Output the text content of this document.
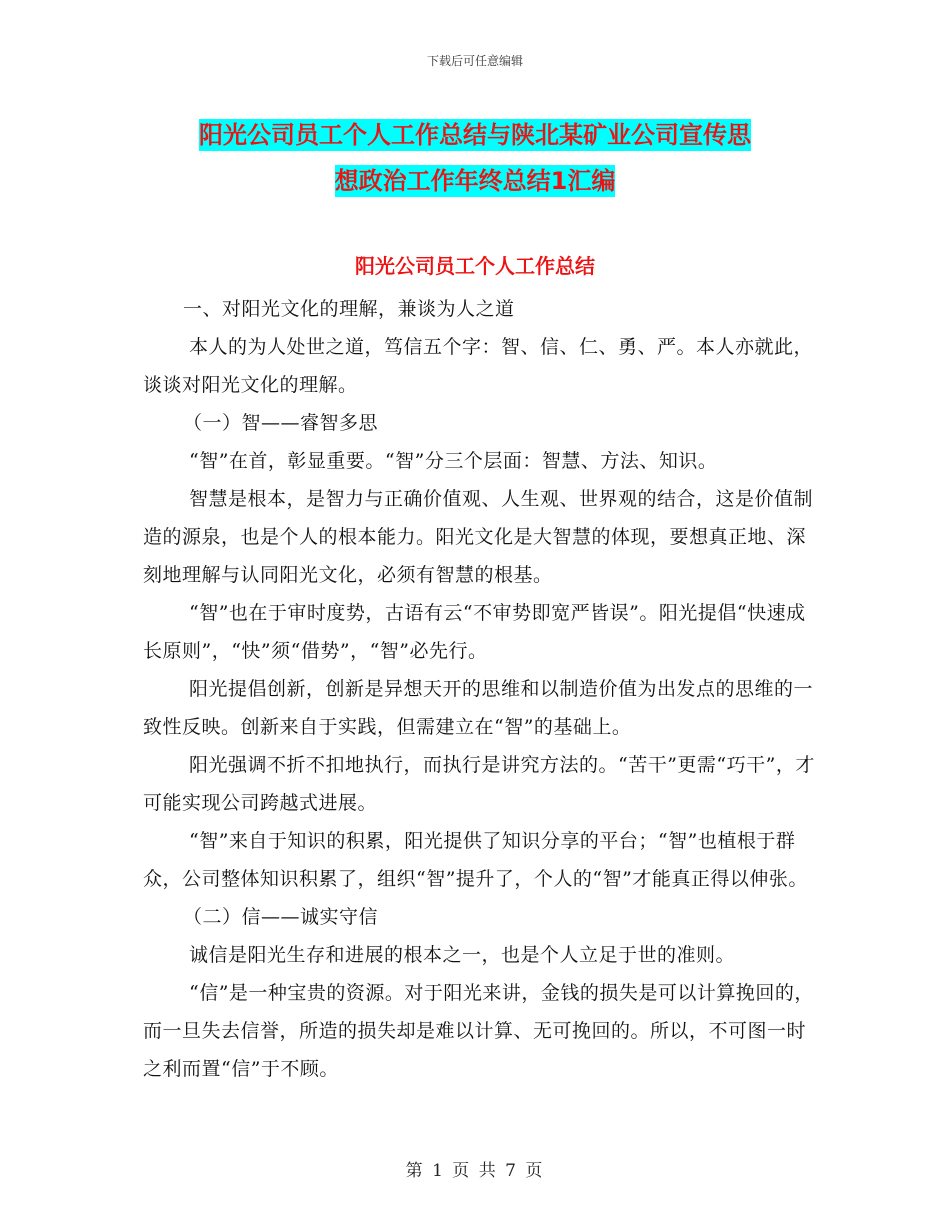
下载后可任意编辑
阳光公司员工个人工作总结与陕北某矿业公司宣传思
想政治工作年终总结1汇编
阳光公司员工个人工作总结

一、对阳光文化的理解，兼谈为人之道

本人的为人处世之道，笃信五个字：智、信、仁、勇、严。本人亦就此，谈谈对阳光文化的理解。

（一）智——睿智多思

“智”在首，彰显重要。“智”分三个层面：智慧、方法、知识。

智慧是根本，是智力与正确价值观、人生观、世界观的结合，这是价值制造的源泉，也是个人的根本能力。阳光文化是大智慧的体现，要想真正地、深刻地理解与认同阳光文化，必须有智慧的根基。

“智”也在于审时度势，古语有云“不审势即宽严皆误”。阳光提倡“快速成长原则”，“快”须“借势”，“智”必先行。

阳光提倡创新，创新是异想天开的思维和以制造价值为出发点的思维的一致性反映。创新来自于实践，但需建立在“智”的基础上。

阳光强调不折不扣地执行，而执行是讲究方法的。“苦干”更需“巧干”，才可能实现公司跨越式进展。

“智”来自于知识的积累，阳光提供了知识分享的平台；“智”也植根于群众，公司整体知识积累了，组织“智”提升了，个人的“智”才能真正得以伸张。

（二）信——诚实守信

诚信是阳光生存和进展的根本之一，也是个人立足于世的准则。

“信”是一种宝贵的资源。对于阳光来讲，金钱的损失是可以计算挽回的，而一旦失去信誉，所造的损失却是难以计算、无可挽回的。所以，不可图一时之利而置“信”于不顾。

第 1 页 共 7 页
